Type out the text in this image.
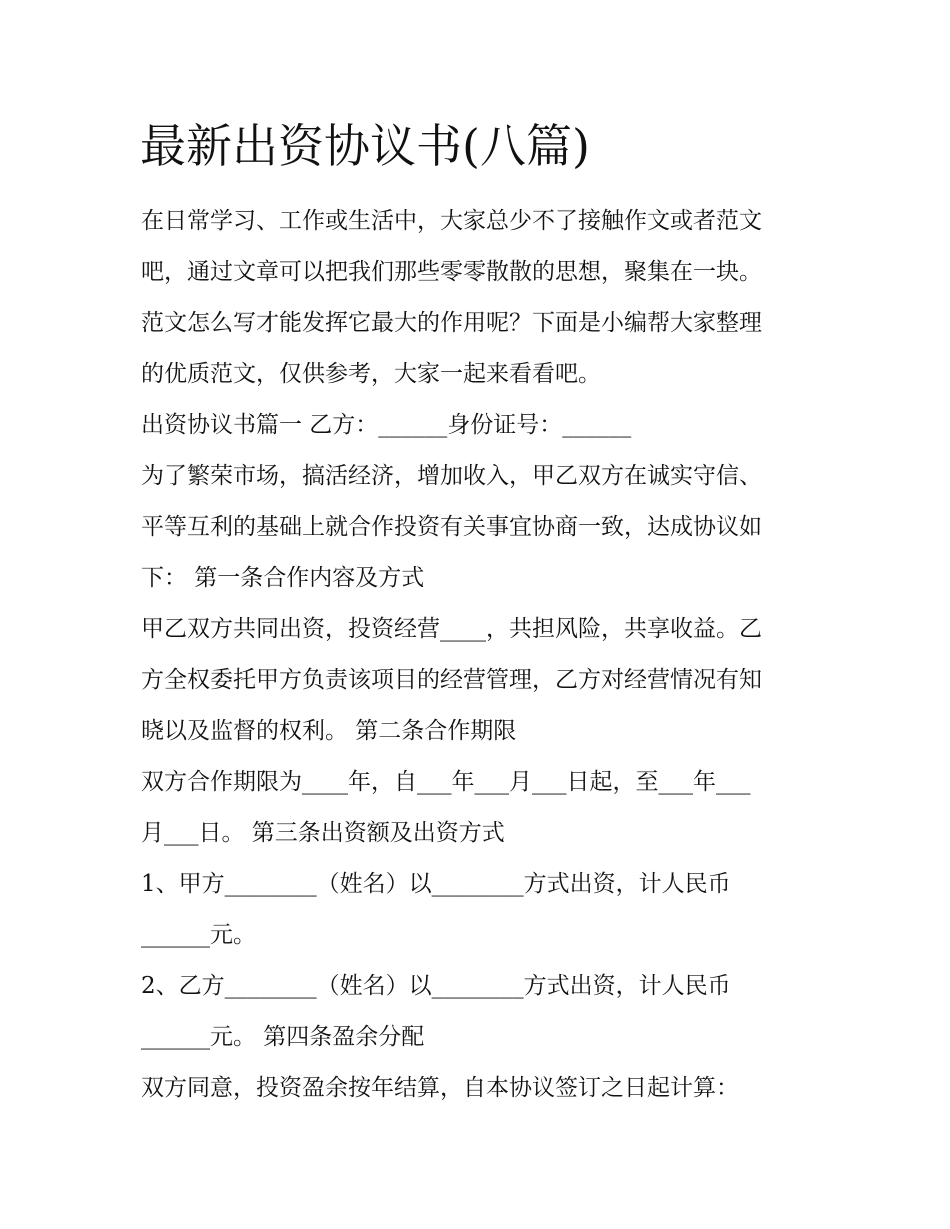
最新出资协议书(八篇)

在日常学习、工作或生活中，大家总少不了接触作文或者范文

吧，通过文章可以把我们那些零零散散的思想，聚集在一块。

范文怎么写才能发挥它最大的作用呢？下面是小编帮大家整理

的优质范文，仅供参考，大家一起来看看吧。

出资协议书篇一 乙方：______身份证号：______

为了繁荣市场，搞活经济，增加收入，甲乙双方在诚实守信、

平等互利的基础上就合作投资有关事宜协商一致，达成协议如

下： 第一条合作内容及方式

甲乙双方共同出资，投资经营____，共担风险，共享收益。乙

方全权委托甲方负责该项目的经营管理，乙方对经营情况有知

晓以及监督的权利。 第二条合作期限

双方合作期限为____年，自___年___月___日起，至___年___

月___日。 第三条出资额及出资方式

1、甲方________（姓名）以________方式出资，计人民币

______元。

2、乙方________（姓名）以________方式出资，计人民币

______元。 第四条盈余分配

双方同意，投资盈余按年结算，自本协议签订之日起计算：
